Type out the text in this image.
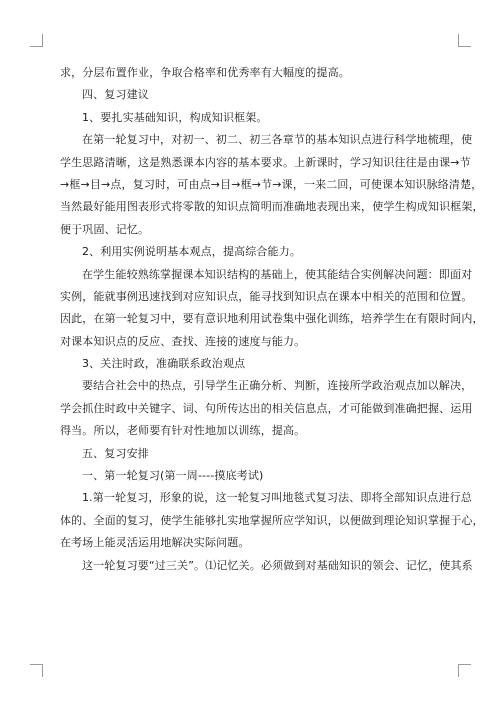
求，分层布置作业，争取合格率和优秀率有大幅度的提高。
四、复习建议
1、要扎实基础知识，构成知识框架。
在第一轮复习中，对初一、初二、初三各章节的基本知识点进行科学地梳理，使
学生思路清晰，这是熟悉课本内容的基本要求。上新课时，学习知识往往是由课→节
→框→目→点，复习时，可由点→目→框→节→课，一来二回，可使课本知识脉络清楚，
当然最好能用图表形式将零散的知识点简明而准确地表现出来，使学生构成知识框架，
便于巩固、记忆。
2、利用实例说明基本观点，提高综合能力。
在学生能较熟练掌握课本知识结构的基础上，使其能结合实例解决问题：即面对
实例，能就事例迅速找到对应知识点，能寻找到知识点在课本中相关的范围和位置。
因此，在第一轮复习中，要有意识地利用试卷集中强化训练，培养学生在有限时间内，
对课本知识点的反应、查找、连接的速度与能力。
3、关注时政，准确联系政治观点
要结合社会中的热点，引导学生正确分析、判断，连接所学政治观点加以解决，
学会抓住时政中关键字、词、句所传达出的相关信息点，才可能做到准确把握、运用
得当。所以，老师要有针对性地加以训练，提高。
五、复习安排
一、第一轮复习(第一周----摸底考试)
1.第一轮复习，形象的说，这一轮复习叫地毯式复习法、即将全部知识点进行总
体的、全面的复习，使学生能够扎实地掌握所应学知识，以便做到理论知识掌握于心，
在考场上能灵活运用地解决实际问题。
这一轮复习要“过三关”。⑴记忆关。必须做到对基础知识的领会、记忆，使其系
